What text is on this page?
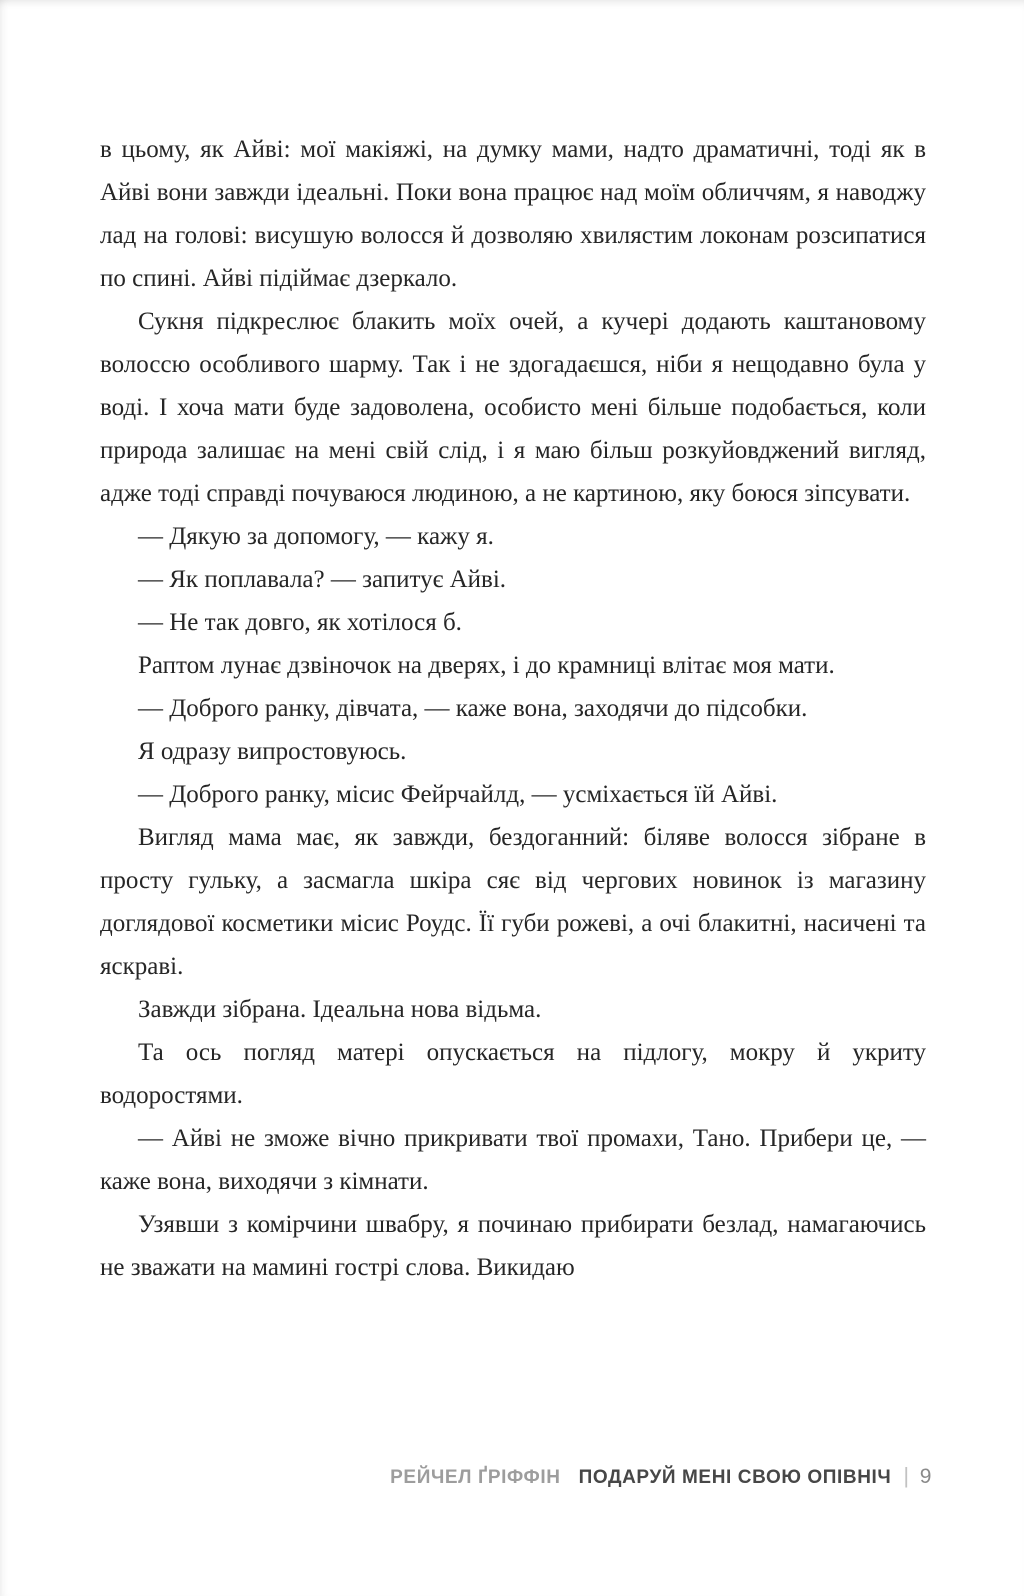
в цьому, як Айві: мої макіяжі, на думку мами, надто драматичні, тоді як в Айві вони завжди ідеальні. Поки вона працює над моїм обличчям, я наводжу лад на голові: висушую волосся й дозволяю хвилястим локонам розсипатися по спині. Айві підіймає дзеркало.

Сукня підкреслює блакить моїх очей, а кучері додають каштановому волоссю особливого шарму. Так і не здогадаєшся, ніби я нещодавно була у воді. І хоча мати буде задоволена, особисто мені більше подобається, коли природа залишає на мені свій слід, і я маю більш розкуйовджений вигляд, адже тоді справді почуваюся людиною, а не картиною, яку боюся зіпсувати.

— Дякую за допомогу, — кажу я.

— Як поплавала? — запитує Айві.

— Не так довго, як хотілося б.

Раптом лунає дзвіночок на дверях, і до крамниці влітає моя мати.

— Доброго ранку, дівчата, — каже вона, заходячи до підсобки.

Я одразу випростовуюсь.

— Доброго ранку, місис Фейрчайлд, — усміхається їй Айві.

Вигляд мама має, як завжди, бездоганний: біляве волосся зібране в просту гульку, а засмагла шкіра сяє від чергових новинок із магазину доглядової косметики місис Роудс. Її губи рожеві, а очі блакитні, насичені та яскраві.

Завжди зібрана. Ідеальна нова відьма.

Та ось погляд матері опускається на підлогу, мокру й укриту водоростями.

— Айві не зможе вічно прикривати твої промахи, Тано. Прибери це, — каже вона, виходячи з кімнати.

Узявши з комірчини швабру, я починаю прибирати безлад, намагаючись не зважати на мамині гострі слова. Викидаю

РЕЙЧЕЛ ҐРІФФІН ПОДАРУЙ МЕНІ СВОЮ ОПІВНІЧ | 9
